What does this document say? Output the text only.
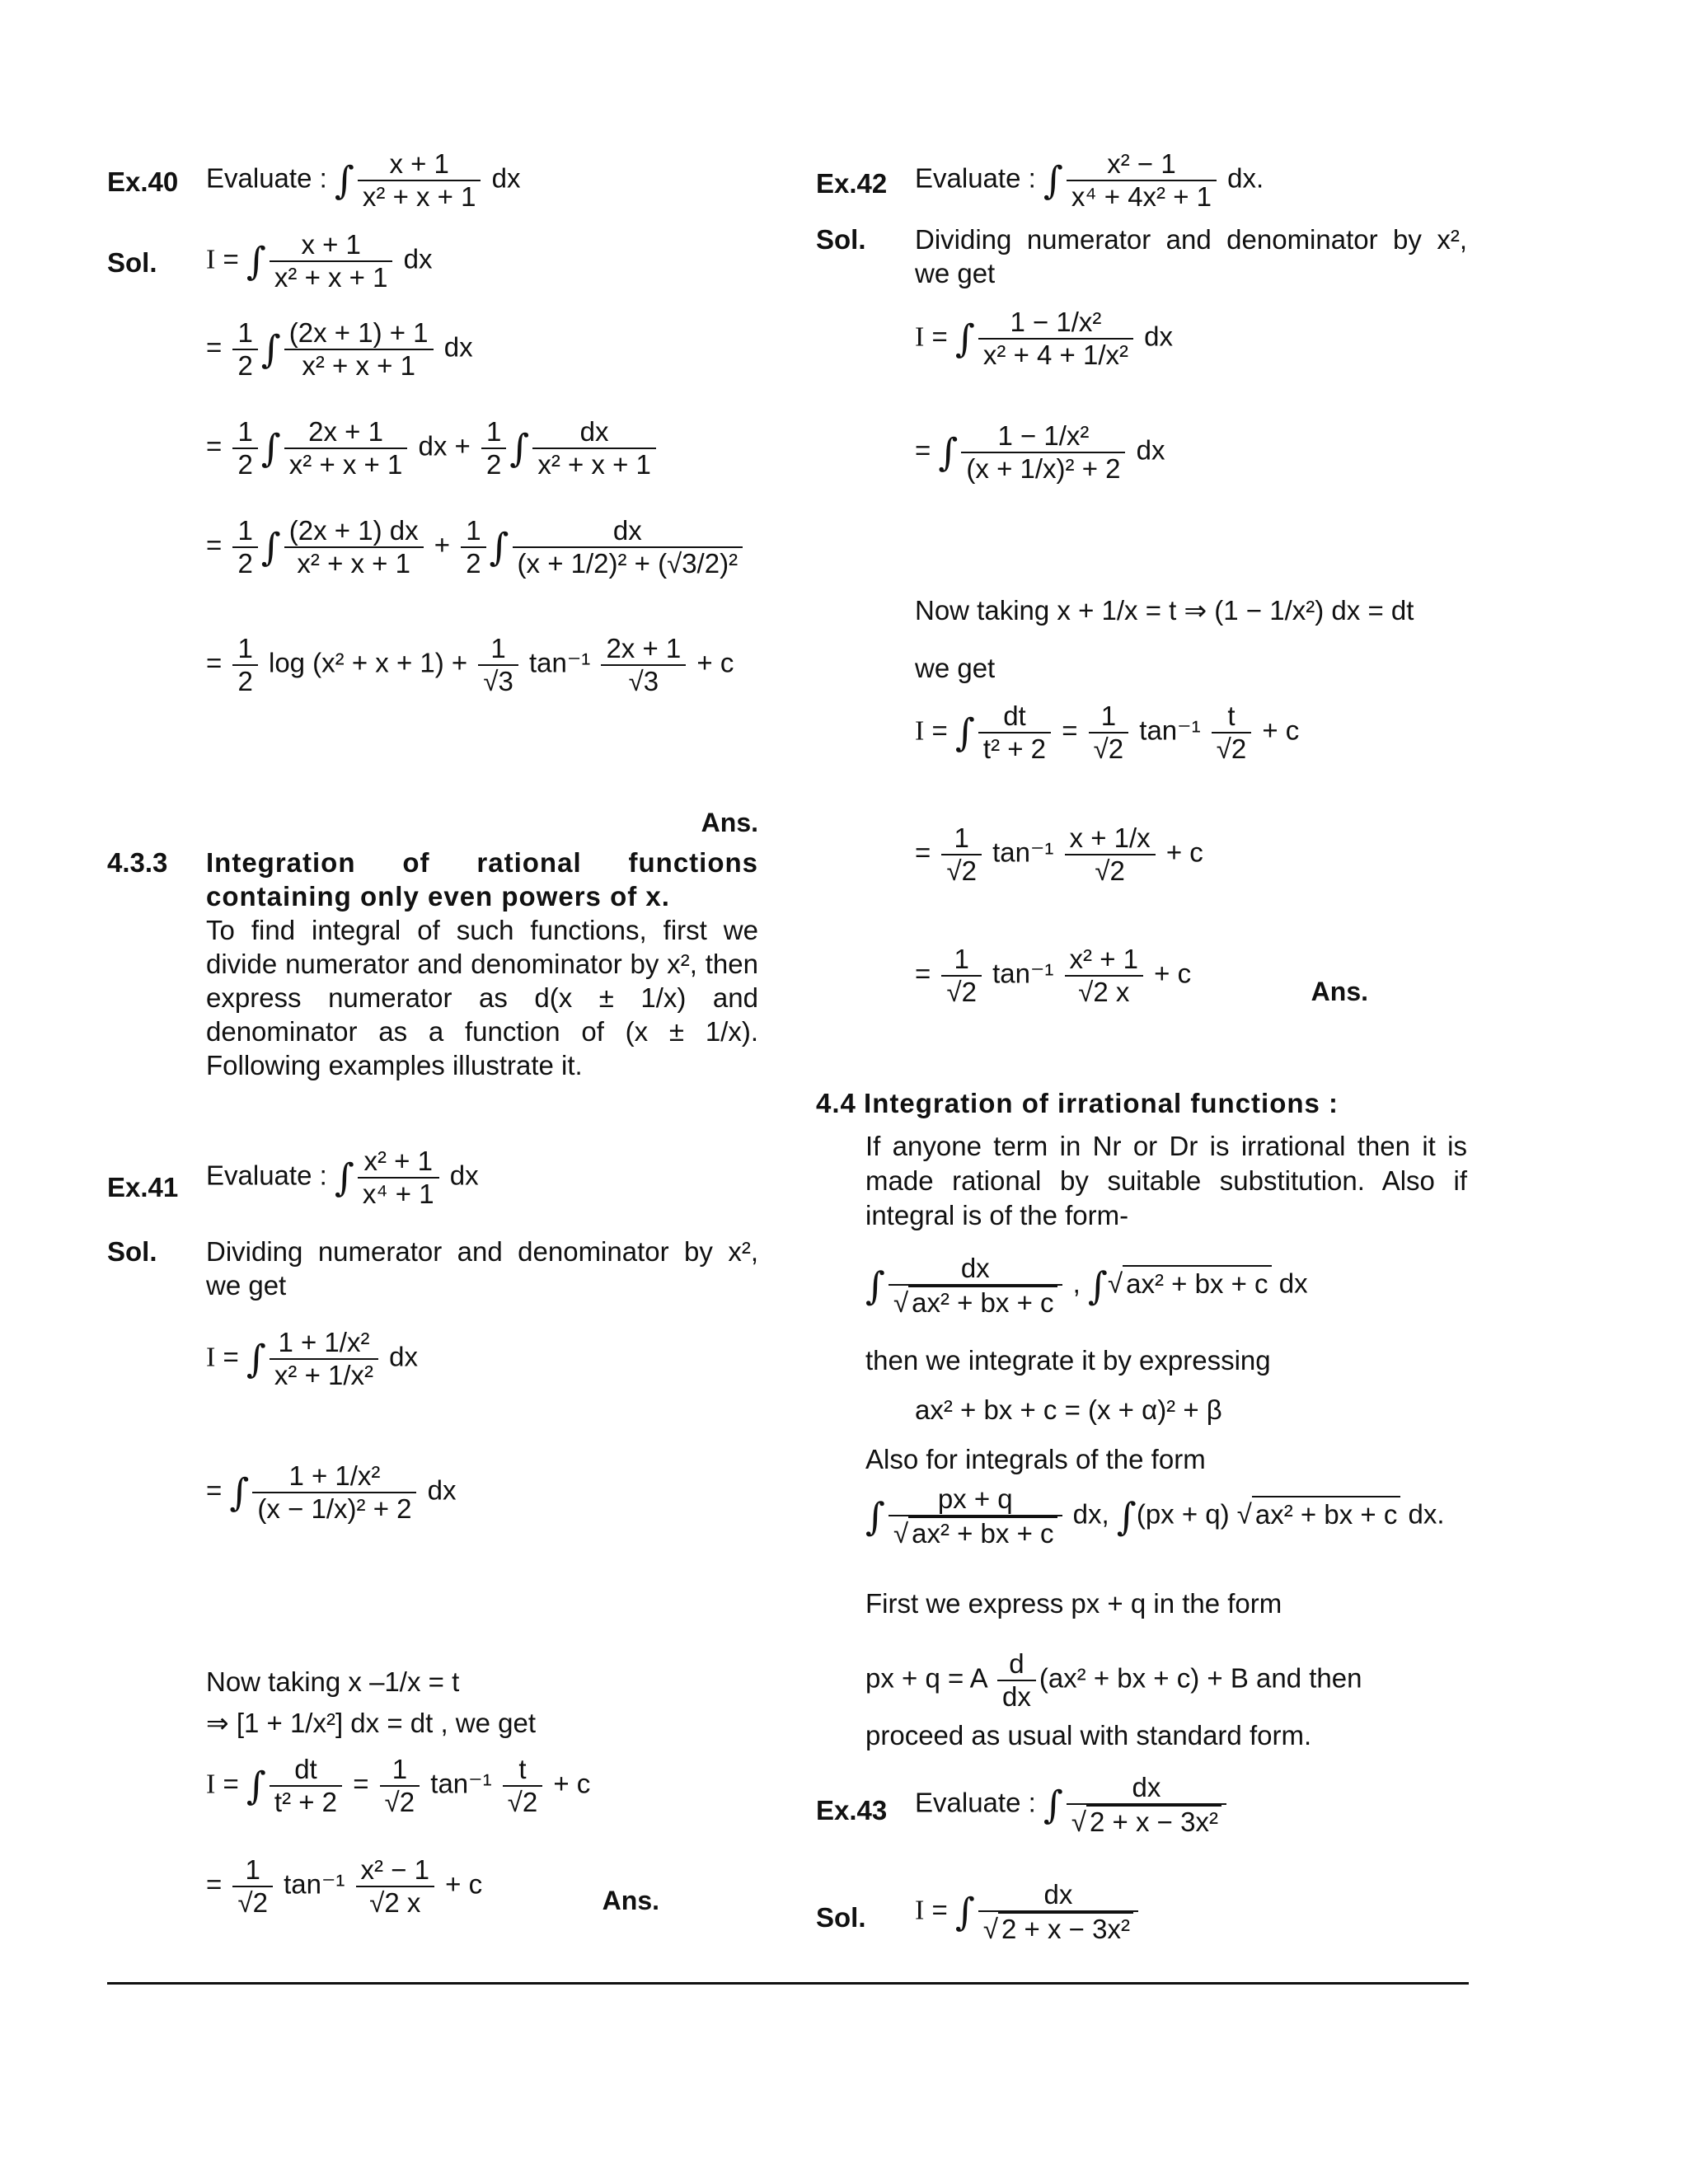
Ex.40 Evaluate : ∫ $\frac{x + 1}{\text{x² + x + 1}}$ dx
Sol. I = ∫ $\frac{x + 1}{\text{x² + x + 1}}$ dx
= $\frac{1}{2}$ ∫ $\frac{(2x + 1) + 1}{\text{x² + x + 1}}$ dx
= $\frac{1}{2}$ ∫ $\frac{2x + 1}{\text{x² + x + 1}}$ dx + $\frac{1}{2}$ ∫ $\frac{dx}{\text{x² + x + 1}}$
= $\frac{1}{2}$ ∫ $\frac{(2x + 1) dx}{\text{x² + x + 1}} + \frac{1}{2}$ ∫ $\frac{dx}{\text{(x + 1/2)² + (√3/2)²}}$
= $\frac{1}{2}$ $\log (x^2 + x + 1) + \frac{1}{√3} \tan^{-1} \frac{2x + 1}{√3} + c$
Ans.
4.3.3 Integration of rational functions containing only even powers of x.

To find integral of such functions, first we divide numerator and denominator by x², then express numerator as d(x ± 1/x) and denominator as a function of (x ± 1/x). Following examples illustrate it.

Ex.41 Evaluate : ∫ $\frac{\text{x² + 1}}{\text{x⁴ + 1}}$ dx
Sol. Dividing numerator and denominator by x², we get

I = ∫ $\frac{\text{1 + 1/x²}}{\text{x² + 1/x²}}$ dx
= ∫ $\frac{\text{1 + 1/x²}}{\text{(x − 1/x)² + 2}}$ dx
Now taking x –1/x = t
⇒ [1 + 1/x²] dx = dt , we get
I = ∫ $\frac{dt}{\text{t² + 2}} = \frac{1}{√2} \tan^{-1} \frac{t}{√2} + c$
= $\frac{1}{√2} \tan^{-1} \frac{\text{x² − 1}}{√2 x} + c$
Ans.
Ex.42 Evaluate : ∫ $\frac{\text{x² − 1}}{\text{x⁴ + 4x² + 1}}$ dx.
Sol. Dividing numerator and denominator by x², we get

I = ∫ $\frac{\text{1 − 1/x²}}{\text{x² + 4 + 1/x²}}$ dx
= ∫ $\frac{\text{1 − 1/x²}}{\text{(x + 1/x)² + 2}}$ dx
Now taking x + 1/x = t ⇒ (1 − 1/x²) dx = dt
we get
I = ∫ $\frac{dt}{\text{t² + 2}} = \frac{1}{√2} \tan^{-1} \frac{t}{√2} + c$
= $\frac{1}{√2} \tan^{-1} \frac{x + 1/x}{√2} + c$
= $\frac{1}{√2} \tan^{-1} \frac{\text{x² + 1}}{√2 x} + c$
Ans.
4.4 Integration of irrational functions :

If anyone term in Nr or Dr is irrational then it is made rational by suitable substitution. Also if integral is of the form-

∫ $\frac{dx}{\text{√ ax² + bx + c}}$ , ∫√ ax² + bx + c dx
then we integrate it by expressing
ax² + bx + c = (x + α)² + β
Also for integrals of the form
∫ $\frac{px + q}{\text{√ ax² + bx + c}}$ dx, ∫(px + q) √ ax² + bx + c dx.
First we express px + q in the form
px + q = A $\frac{d}{dx} (ax^2$ + bx + c) + B and then
proceed as usual with standard form.
Ex.43 Evaluate : ∫ $\frac{dx}{\text{√ 2 + x − 3x²}}$
Sol. I = ∫ $\frac{dx}{\text{√ 2 + x − 3x²}}$
